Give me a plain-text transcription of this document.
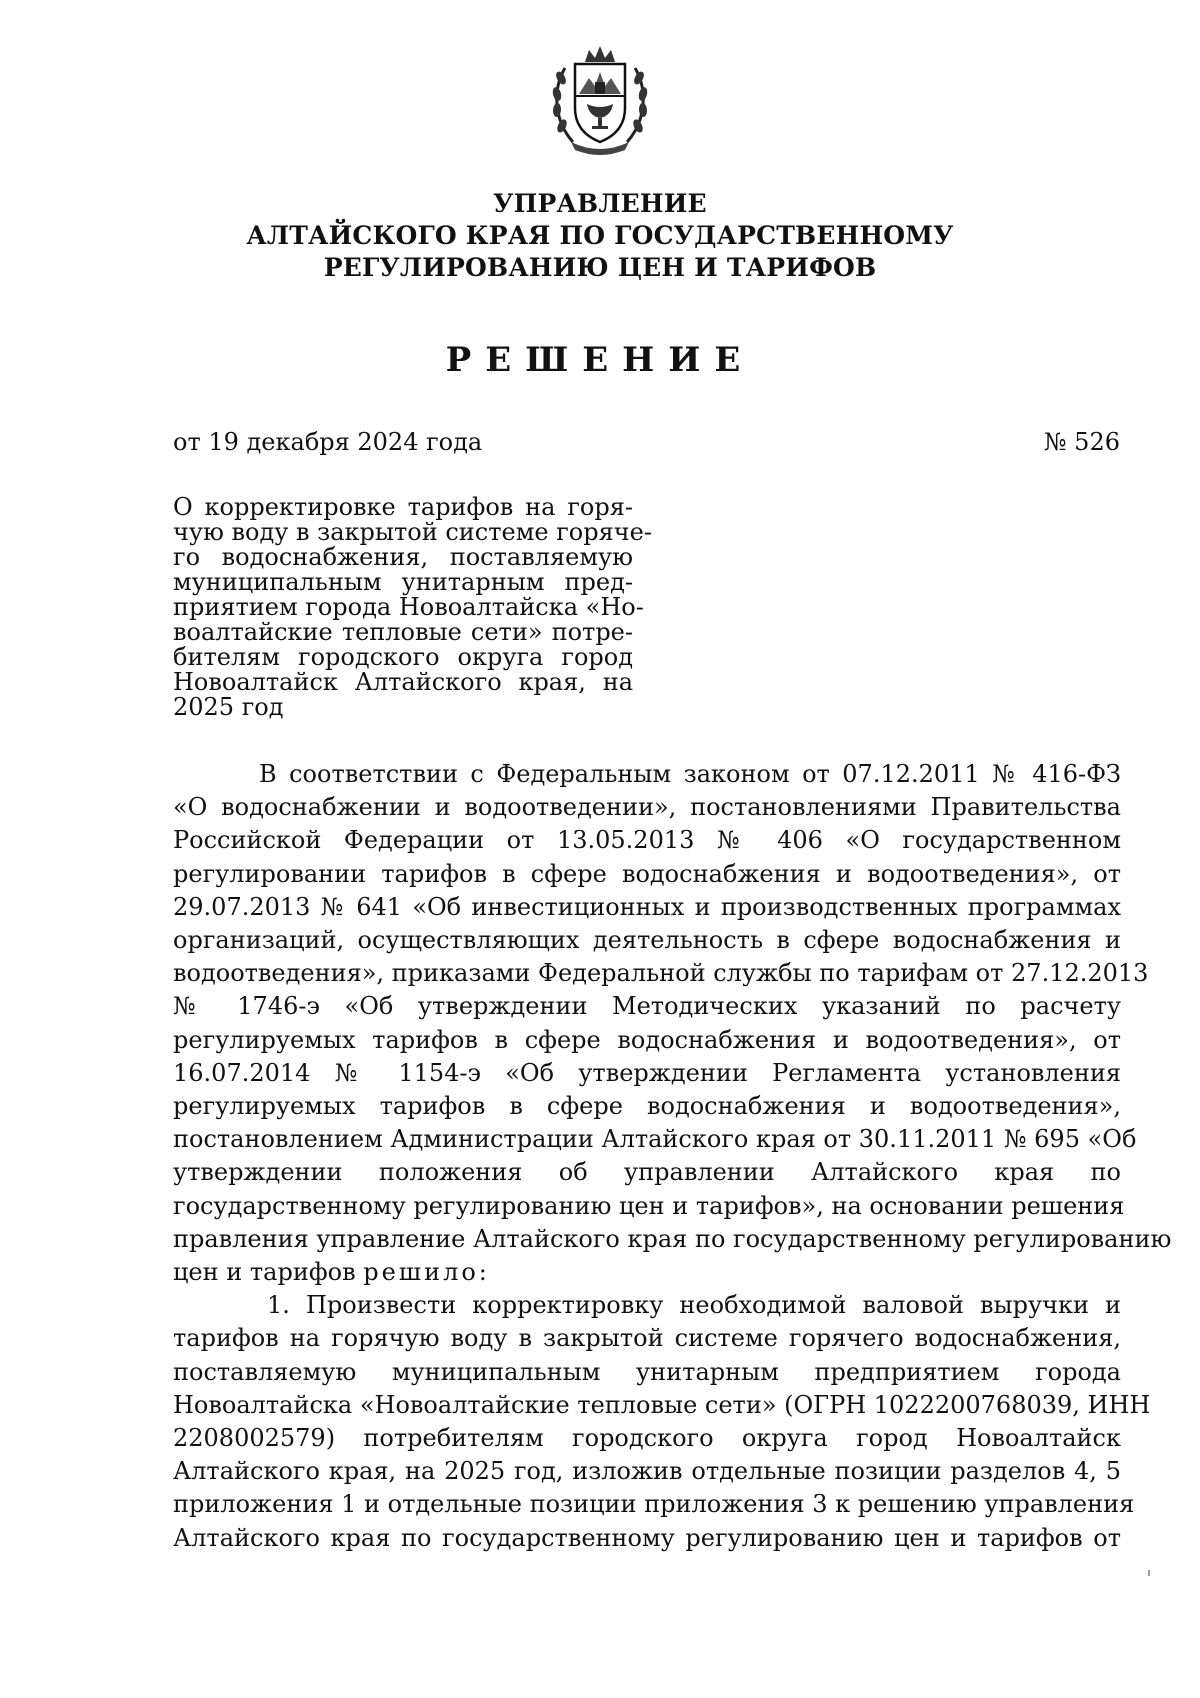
УПРАВЛЕНИЕ
АЛТАЙСКОГО КРАЯ ПО ГОСУДАРСТВЕННОМУ
РЕГУЛИРОВАНИЮ ЦЕН И ТАРИФОВ
РЕШЕНИЕ
от 19 декабря 2024 года	№ 526
О корректировке тарифов на горя-
чую воду в закрытой системе горяче-
го водоснабжения, поставляемую
муниципальным унитарным пред-
приятием города Новоалтайска «Но-
воалтайские тепловые сети» потре-
бителям городского округа город
Новоалтайск Алтайского края, на
2025 год
В соответствии с Федеральным законом от 07.12.2011 № 416-ФЗ
«О водоснабжении и водоотведении», постановлениями Правительства
Российской Федерации от 13.05.2013 № 406 «О государственном
регулировании тарифов в сфере водоснабжения и водоотведения», от
29.07.2013 № 641 «Об инвестиционных и производственных программах
организаций, осуществляющих деятельность в сфере водоснабжения и
водоотведения», приказами Федеральной службы по тарифам от 27.12.2013
№ 1746-э «Об утверждении Методических указаний по расчету
регулируемых тарифов в сфере водоснабжения и водоотведения», от
16.07.2014 № 1154-э «Об утверждении Регламента установления
регулируемых тарифов в сфере водоснабжения и водоотведения»,
постановлением Администрации Алтайского края от 30.11.2011 № 695 «Об
утверждении положения об управлении Алтайского края по
государственному регулированию цен и тарифов», на основании решения
правления управление Алтайского края по государственному регулированию
цен и тарифов решило:
1. Произвести корректировку необходимой валовой выручки и
тарифов на горячую воду в закрытой системе горячего водоснабжения,
поставляемую муниципальным унитарным предприятием города
Новоалтайска «Новоалтайские тепловые сети» (ОГРН 1022200768039, ИНН
2208002579) потребителям городского округа город Новоалтайск
Алтайского края, на 2025 год, изложив отдельные позиции разделов 4, 5
приложения 1 и отдельные позиции приложения 3 к решению управления
Алтайского края по государственному регулированию цен и тарифов от
